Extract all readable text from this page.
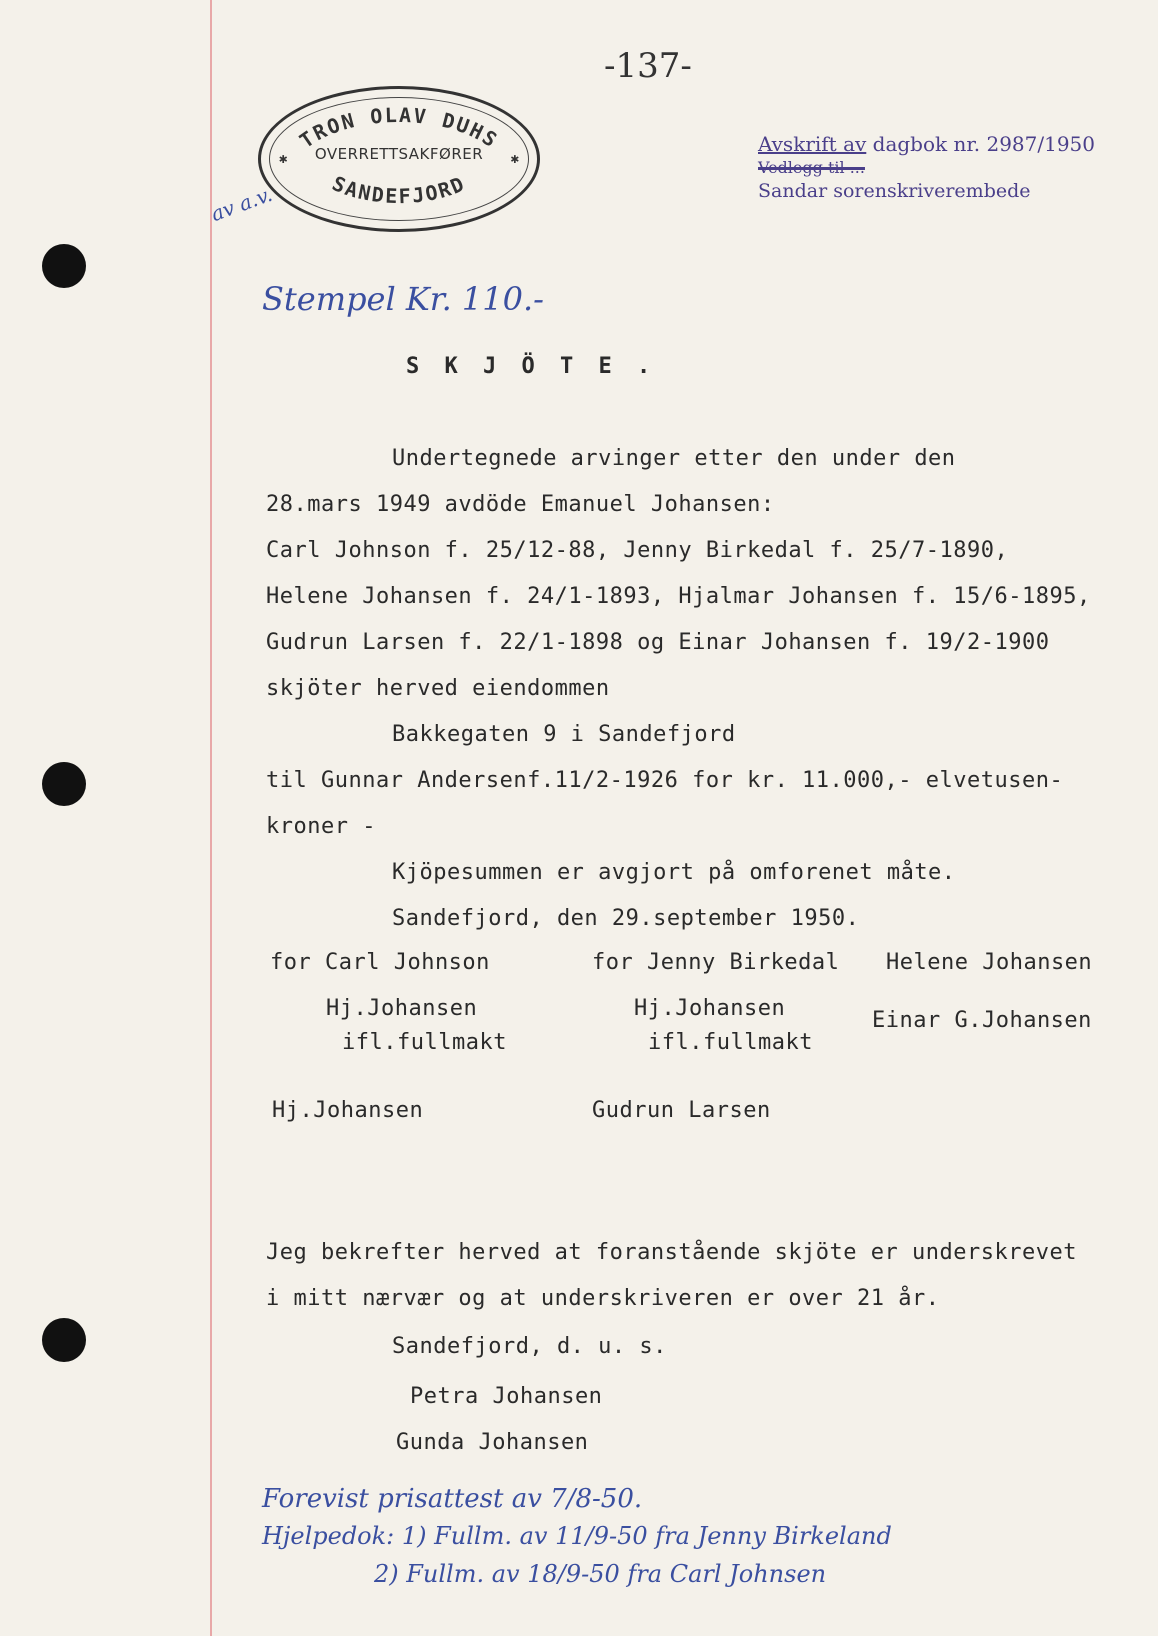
-137-
TRON OLAV DUHS
SANDEFJORD
OVERRETTSAKFØRER
✱	✱
av a.v.
Avskrift av dagbok nr. 2987/1950
Vedlegg til ...
Sandar sorenskriverembede
Stempel Kr. 110.-
S K J Ö T E .
Undertegnede arvinger etter den under den
28.mars 1949 avdöde Emanuel Johansen:
Carl Johnson f. 25/12-88, Jenny Birkedal f. 25/7-1890,
Helene Johansen f. 24/1-1893, Hjalmar Johansen f. 15/6-1895,
Gudrun Larsen f. 22/1-1898 og Einar Johansen f. 19/2-1900
skjöter herved eiendommen
Bakkegaten 9 i Sandefjord
til Gunnar Andersenf.11/2-1926 for kr. 11.000,- elvetusen-
kroner -
Kjöpesummen er avgjort på omforenet måte.
Sandefjord, den 29.september 1950.
for Carl Johnson
Hj.Johansen
ifl.fullmakt
Hj.Johansen
for Jenny Birkedal
Hj.Johansen
ifl.fullmakt
Gudrun Larsen
Helene Johansen
Einar G.Johansen
Jeg bekrefter herved at foranstående skjöte er underskrevet
i mitt nærvær og at underskriveren er over 21 år.
Sandefjord, d. u. s.
Petra Johansen
Gunda Johansen
Forevist prisattest av 7/8-50.
Hjelpedok: 1) Fullm. av 11/9-50 fra Jenny Birkeland
2) Fullm. av 18/9-50 fra Carl Johnsen
